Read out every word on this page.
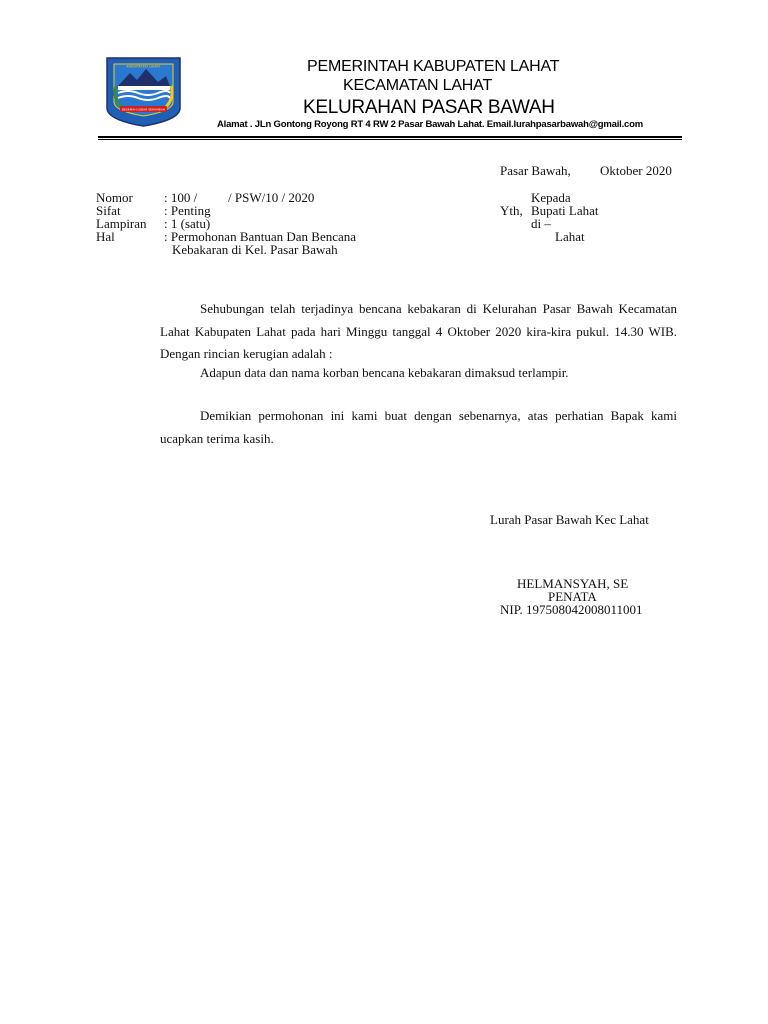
KABUPATEN LAHAT
BESEMAH LEBAR SERAMBAH
PEMERINTAH KABUPATEN LAHAT
KECAMATAN LAHAT
KELURAHAN PASAR BAWAH
Alamat . JLn Gontong Royong RT 4 RW 2 Pasar Bawah Lahat. Email.lurahpasarbawah@gmail.com
Pasar Bawah, Oktober 2020
Nomor : 100 / / PSW/10 / 2020
Sifat	: Penting
Lampiran : 1 (satu)
Hal	: Permohonan Bantuan Dan Bencana
Kebakaran di Kel. Pasar Bawah
Kepada
Yth, Bupati Lahat
di –
Lahat
Sehubungan telah terjadinya bencana kebakaran di Kelurahan Pasar Bawah Kecamatan Lahat Kabupaten Lahat pada hari Minggu tanggal 4 Oktober 2020 kira-kira pukul. 14.30 WIB. Dengan rincian kerugian adalah :
Adapun data dan nama korban bencana kebakaran dimaksud terlampir.
Demikian permohonan ini kami buat dengan sebenarnya, atas perhatian Bapak kami ucapkan terima kasih.
Lurah Pasar Bawah Kec Lahat
HELMANSYAH, SE
PENATA
NIP. 197508042008011001
